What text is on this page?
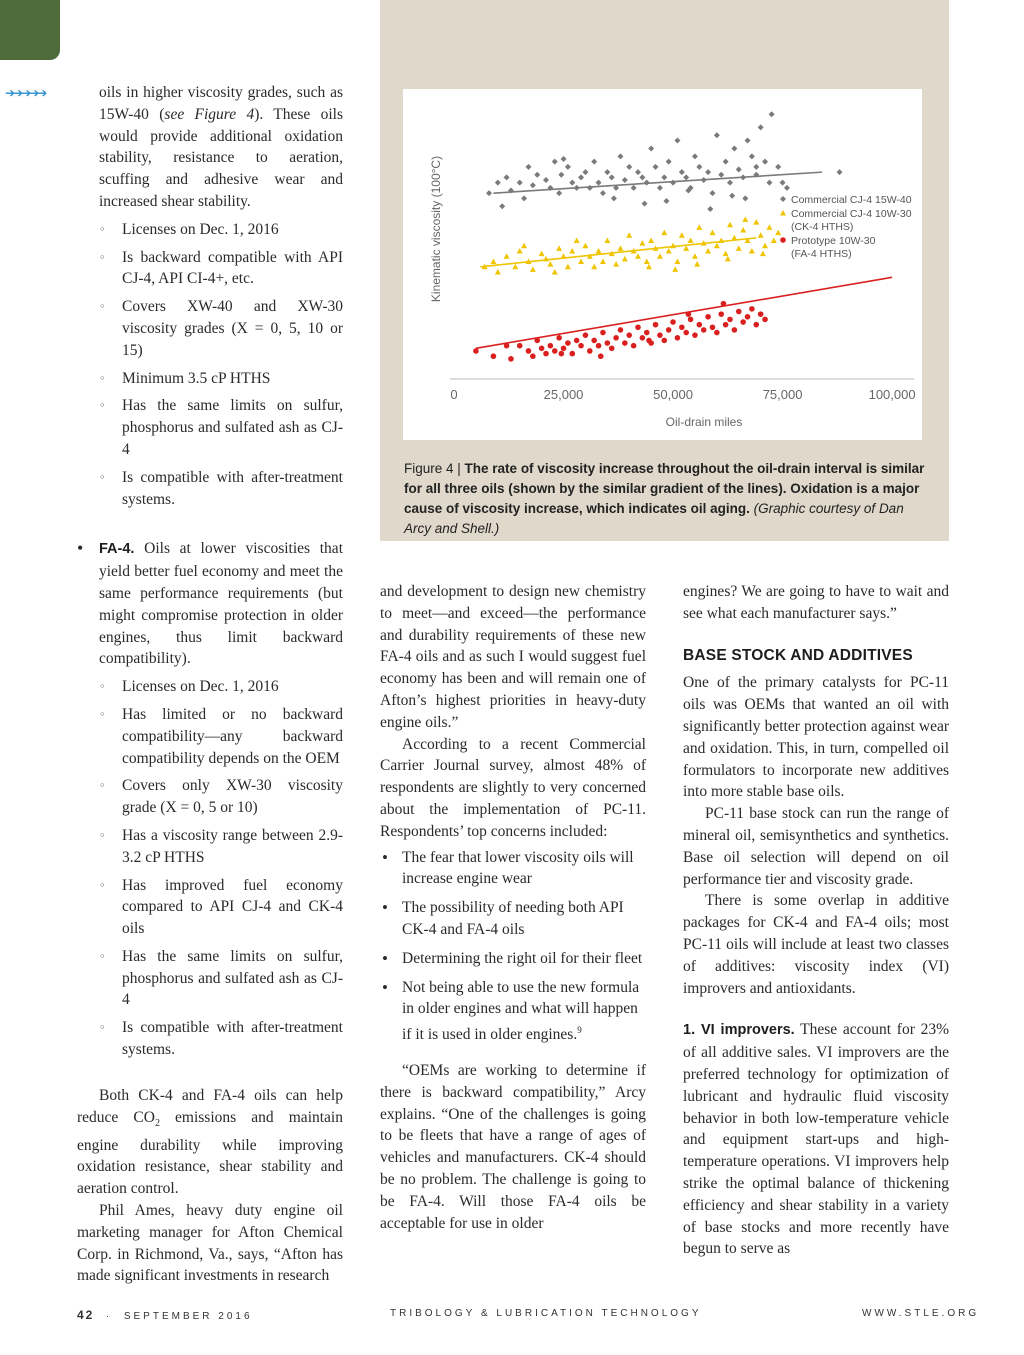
➔➔➔➔➔	oils in higher viscosity grades, such as 15W-40 (see Figure 4). These oils would provide additional oxidation stability, resistance to aeration, scuffing and adhesive wear and increased shear stability.

◦ Licenses on Dec. 1, 2016
◦ Is backward compatible with API CJ-4, API CI-4+, etc.
◦ Covers XW-40 and XW-30 viscosity grades (X = 0, 5, 10 or 15)
◦ Minimum 3.5 cP HTHS
◦ Has the same limits on sulfur, phosphorus and sulfated ash as CJ-4
◦ Is compatible with after-treatment systems.

• FA-4. Oils at lower viscosities that yield better fuel economy and meet the same performance requirements (but might compromise protection in older engines, thus limit backward compatibility).

◦ Licenses on Dec. 1, 2016
◦ Has limited or no backward compatibility—any backward compatibility depends on the OEM
◦ Covers only XW-30 viscosity grade (X = 0, 5 or 10)
◦ Has a viscosity range between 2.9-3.2 cP HTHS
◦ Has improved fuel economy compared to API CJ-4 and CK-4 oils
◦ Has the same limits on sulfur, phosphorus and sulfated ash as CJ-4
◦ Is compatible with after-treatment systems.

Both CK-4 and FA-4 oils can help reduce $CO_2$ emissions and maintain engine durability while improving oxidation resistance, shear stability and aeration control.

Phil Ames, heavy duty engine oil marketing manager for Afton Chemical Corp. in Richmond, Va., says, “Afton has made significant investments in research

0	25,000	50,000	75,000	100,000
Oil-drain miles
Kinematic viscosity (100°C)	Commercial CJ-4 15W-40
Commercial CJ-4 10W-30
(CK-4 HTHS)
Prototype 10W-30
(FA-4 HTHS)
Figure 4 | The rate of viscosity increase throughout the oil-drain interval is similar for all three oils (shown by the similar gradient of the lines). Oxidation is a major cause of viscosity increase, which indicates oil aging. (Graphic courtesy of Dan Arcy and Shell.)

and development to design new chemistry to meet—and exceed—the performance and durability requirements of these new FA-4 oils and as such I would suggest fuel economy has been and will remain one of Afton’s highest priorities in heavy-duty engine oils.”

According to a recent Commercial Carrier Journal survey, almost 48% of respondents are slightly to very concerned about the implementation of PC-11. Respondents’ top concerns included:

• The fear that lower viscosity oils will increase engine wear
• The possibility of needing both API CK-4 and FA-4 oils
• Determining the right oil for their fleet
• Not being able to use the new formula in older engines and what will happen if it is used in older engines.$^9$

“OEMs are working to determine if there is backward compatibility,” Arcy explains. “One of the challenges is going to be fleets that have a range of ages of vehicles and manufacturers. CK-4 should be no problem. The challenge is going to be FA-4. Will those FA-4 oils be acceptable for use in older

engines? We are going to have to wait and see what each manufacturer says.”

BASE STOCK AND ADDITIVES

One of the primary catalysts for PC-11 oils was OEMs that wanted an oil with significantly better protection against wear and oxidation. This, in turn, compelled oil formulators to incorporate new additives into more stable base oils.

PC-11 base stock can run the range of mineral oil, semisynthetics and synthetics. Base oil selection will depend on oil performance tier and viscosity grade.

There is some overlap in additive packages for CK-4 and FA-4 oils; most PC-11 oils will include at least two classes of additives: viscosity index (VI) improvers and antioxidants.

1. VI improvers. These account for 23% of all additive sales. VI improvers are the preferred technology for optimization of lubricant and hydraulic fluid viscosity behavior in both low-temperature vehicle and equipment start-ups and high-temperature operations. VI improvers help strike the optimal balance of thickening efficiency and shear stability in a variety of base stocks and more recently have begun to serve as

42 · SEPTEMBER 2016	TRIBOLOGY & LUBRICATION TECHNOLOGY	WWW.STLE.ORG
